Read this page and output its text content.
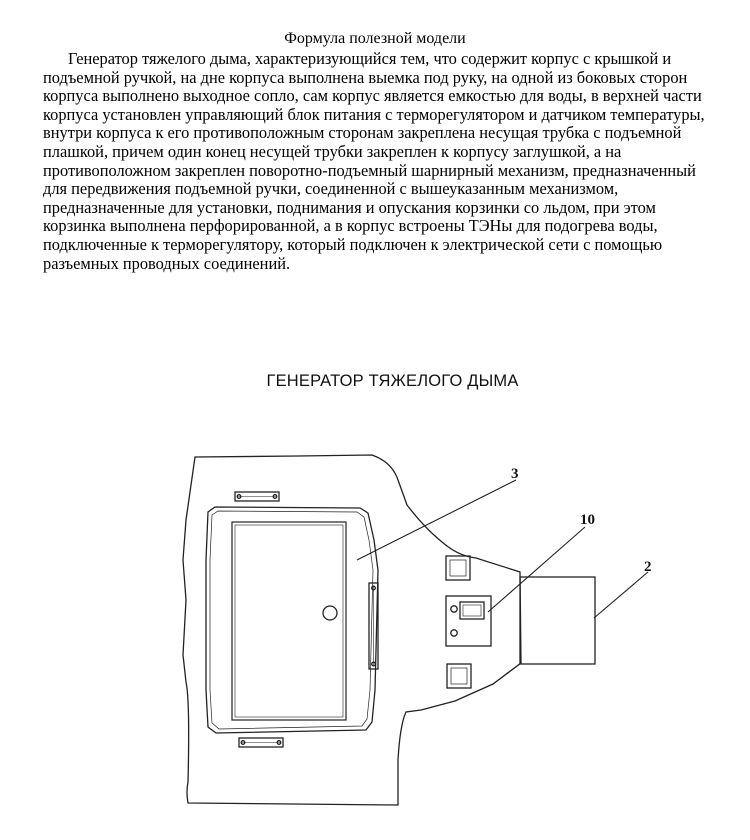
Формула полезной модели

Генератор тяжелого дыма, характеризующийся тем, что содержит корпус с крышкой и подъемной ручкой, на дне корпуса выполнена выемка под руку, на одной из боковых сторон корпуса выполнено выходное сопло, сам корпус является емкостью для воды, в верхней части корпуса установлен управляющий блок питания с терморегулятором и датчиком температуры, внутри корпуса к его противоположным сторонам закреплена несущая трубка с подъемной плашкой, причем один конец несущей трубки закреплен к корпусу заглушкой, а на противоположном закреплен поворотно-подъемный шарнирный механизм, предназначенный для передвижения подъемной ручки, соединенной с вышеуказанным механизмом, предназначенные для установки, поднимания и опускания корзинки со льдом, при этом корзинка выполнена перфорированной, а в корпус встроены ТЭНы для подогрева воды, подключенные к терморегулятору, который подключен к электрической сети с помощью разъемных проводных соединений.

ГЕНЕРАТОР ТЯЖЕЛОГО ДЫМА
3
10
2
